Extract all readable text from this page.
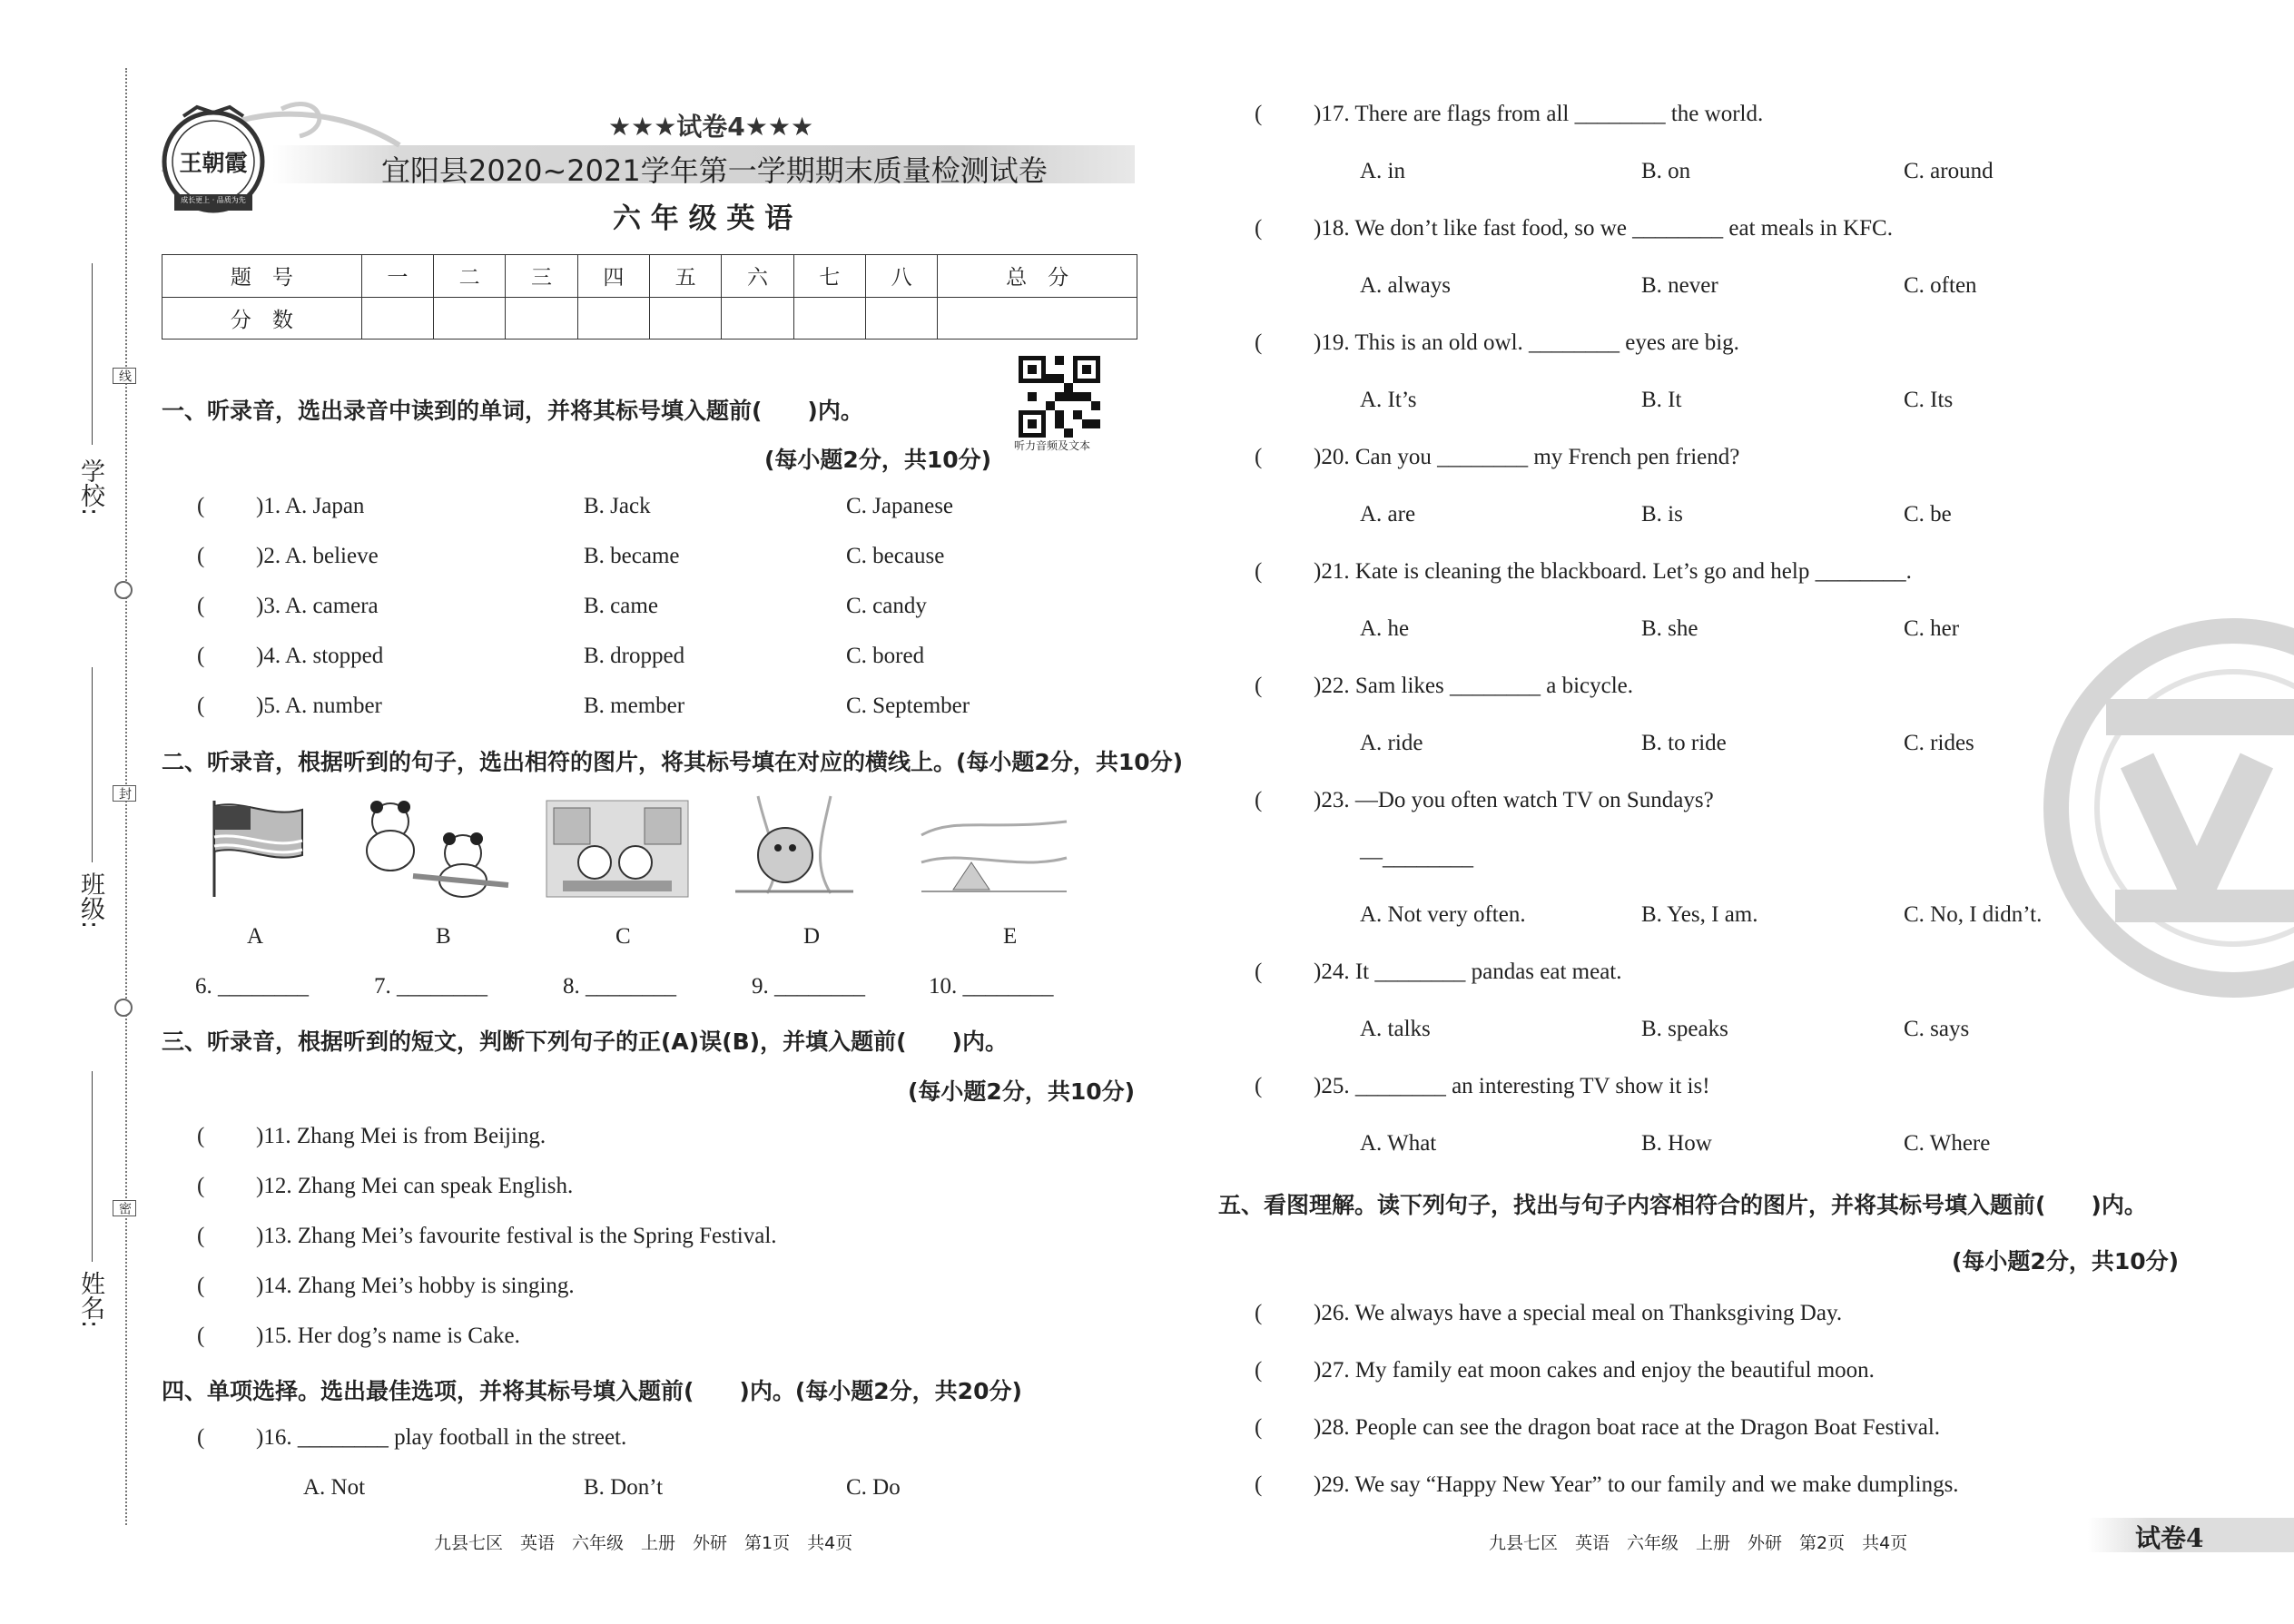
学校:
班级:
姓名:
线
封
密
王朝霞
成长更上 · 品质为先
★★★试卷4★★★
宜阳县2020~2021学年第一学期期末质量检测试卷
六 年 级 英 语
题　号	一	二	三	四	五	六	七	八	总　分
分　数									
听力音频及文本
一、听录音，选出录音中读到的单词，并将其标号填入题前(　　)内。
(每小题2分，共10分)
( )1. A. Japan	B. Jack	C. Japanese
( )2. A. believe	B. became	C. because
( )3. A. camera	B. came	C. candy
( )4. A. stopped	B. dropped	C. bored
( )5. A. number	B. member	C. September
二、听录音，根据听到的句子，选出相符的图片，将其标号填在对应的横线上。(每小题2分，共10分)
A	B	C	D	E
6. ________	7. ________	8. ________	9. ________	10. ________
三、听录音，根据听到的短文，判断下列句子的正(A)误(B)，并填入题前(　　)内。
(每小题2分，共10分)
( )11. Zhang Mei is from Beijing.
( )12. Zhang Mei can speak English.
( )13. Zhang Mei’s favourite festival is the Spring Festival.
( )14. Zhang Mei’s hobby is singing.
( )15. Her dog’s name is Cake.
四、单项选择。选出最佳选项，并将其标号填入题前(　　)内。(每小题2分，共20分)
( )16. ________ play football in the street.
A. Not	B. Don’t	C. Do
九县七区　英语　六年级　上册　外研　第1页　共4页
( )17. There are flags from all ________ the world.
A. in	B. on	C. around
( )18. We don’t like fast food, so we ________ eat meals in KFC.
A. always	B. never	C. often
( )19. This is an old owl. ________ eyes are big.
A. It’s	B. It	C. Its
( )20. Can you ________ my French pen friend?
A. are	B. is	C. be
( )21. Kate is cleaning the blackboard. Let’s go and help ________.
A. he	B. she	C. her
( )22. Sam likes ________ a bicycle.
A. ride	B. to ride	C. rides
( )23. —Do you often watch TV on Sundays?
—________
A. Not very often.	B. Yes, I am.	C. No, I didn’t.
( )24. It ________ pandas eat meat.
A. talks	B. speaks	C. says
( )25. ________ an interesting TV show it is!
A. What	B. How	C. Where
五、看图理解。读下列句子，找出与句子内容相符合的图片，并将其标号填入题前(　　)内。
(每小题2分，共10分)
( )26. We always have a special meal on Thanksgiving Day.
( )27. My family eat moon cakes and enjoy the beautiful moon.
( )28. People can see the dragon boat race at the Dragon Boat Festival.
( )29. We say “Happy New Year” to our family and we make dumplings.
九县七区　英语　六年级　上册　外研　第2页　共4页	试卷4
